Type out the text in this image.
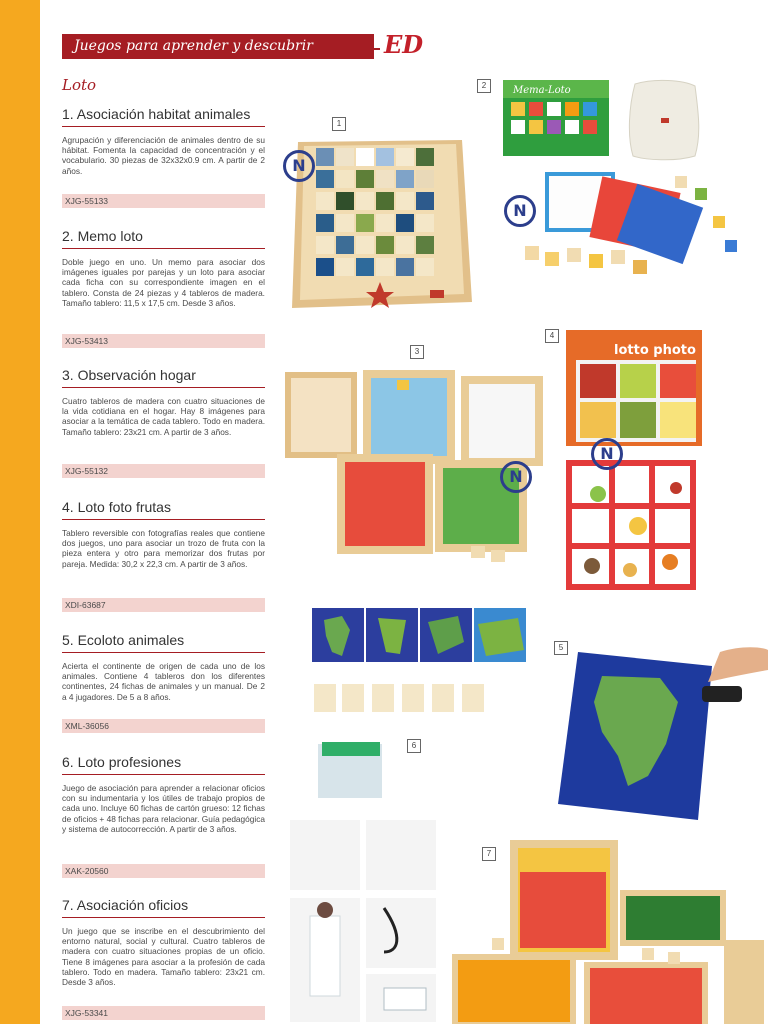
Juegos para aprender y descubrir	ED
Loto
1. Asociación habitat animales

Agrupación y diferenciación de animales dentro de su hábitat. Fomenta la capacidad de concentración y el vocabulario. 30 piezas de 32x32x0.9 cm. A partir de 2 años.

XJG-55133
2. Memo loto

Doble juego en uno. Un memo para asociar dos imágenes iguales por parejas y un loto para asociar cada ficha con su correspondiente imagen en el tablero. Consta de 24 piezas y 4 tableros de madera. Tamaño tablero: 11,5 x 17,5 cm. Desde 3 años.

XJG-53413
3. Observación hogar

Cuatro tableros de madera con cuatro situaciones de la vida cotidiana en el hogar. Hay 8 imágenes para asociar a la temática de cada tablero. Todo en madera. Tamaño tablero: 23x21 cm. A partir de 3 años.

XJG-55132
4. Loto foto frutas

Tablero reversible con fotografías reales que contiene dos juegos, uno para asociar un trozo de fruta con la pieza entera y otro para memorizar dos frutas por pareja. Medida: 30,2 x 22,3 cm. A partir de 3 años.

XDI-63687
5. Ecoloto animales

Acierta el continente de origen de cada uno de los animales. Contiene 4 tableros don los diferentes continentes, 24 fichas de animales y un manual. De 2 a 4 jugadores. De 5 a 8 años.

XML-36056
6. Loto profesiones

Juego de asociación para aprender a relacionar oficios con su indumentaria y los útiles de trabajo propios de cada uno. Incluye 60 fichas de cartón grueso: 12 fichas de oficios + 48 fichas para relacionar. Guía pedagógica y sistema de autocorrección. A partir de 3 años.

XAK-20560
7. Asociación oficios

Un juego que se inscribe en el descubrimiento del entorno natural, social y cultural. Cuatro tableros de madera con cuatro situaciones propias de un oficio. Tiene 8 imágenes para asociar a la profesión de cada tablero. Todo en madera. Tamaño tablero: 23x21 cm. Desde 3 años.

XJG-53341
1
N
Mema-Loto
2
N
3
N
lotto photo
4
N
5
6
7
